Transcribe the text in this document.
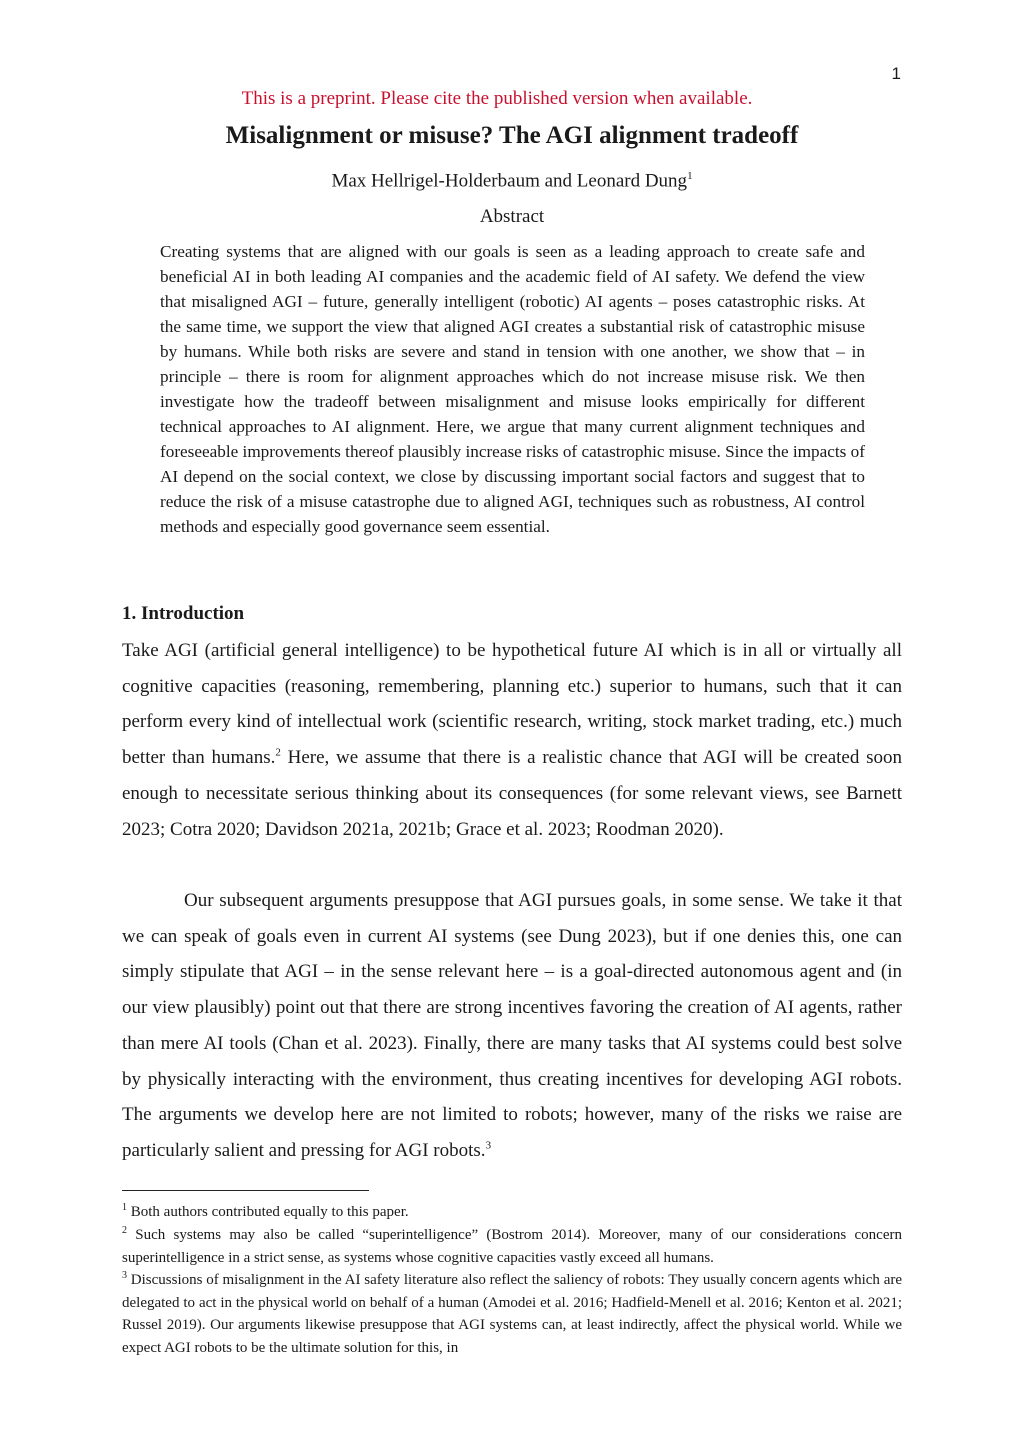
1
This is a preprint. Please cite the published version when available.
Misalignment or misuse? The AGI alignment tradeoff
Max Hellrigel-Holderbaum and Leonard Dung$^1$
Abstract
Creating systems that are aligned with our goals is seen as a leading approach to create safe and beneficial AI in both leading AI companies and the academic field of AI safety. We defend the view that misaligned AGI – future, generally intelligent (robotic) AI agents – poses catastrophic risks. At the same time, we support the view that aligned AGI creates a substantial risk of catastrophic misuse by humans. While both risks are severe and stand in tension with one another, we show that – in principle – there is room for alignment approaches which do not increase misuse risk. We then investigate how the tradeoff between misalignment and misuse looks empirically for different technical approaches to AI alignment. Here, we argue that many current alignment techniques and foreseeable improvements thereof plausibly increase risks of catastrophic misuse. Since the impacts of AI depend on the social context, we close by discussing important social factors and suggest that to reduce the risk of a misuse catastrophe due to aligned AGI, techniques such as robustness, AI control methods and especially good governance seem essential.
1. Introduction
Take AGI (artificial general intelligence) to be hypothetical future AI which is in all or virtually all cognitive capacities (reasoning, remembering, planning etc.) superior to humans, such that it can perform every kind of intellectual work (scientific research, writing, stock market trading, etc.) much better than humans.$^2$ Here, we assume that there is a realistic chance that AGI will be created soon enough to necessitate serious thinking about its consequences (for some relevant views, see Barnett 2023; Cotra 2020; Davidson 2021a, 2021b; Grace et al. 2023; Roodman 2020).
Our subsequent arguments presuppose that AGI pursues goals, in some sense. We take it that we can speak of goals even in current AI systems (see Dung 2023), but if one denies this, one can simply stipulate that AGI – in the sense relevant here – is a goal-directed autonomous agent and (in our view plausibly) point out that there are strong incentives favoring the creation of AI agents, rather than mere AI tools (Chan et al. 2023). Finally, there are many tasks that AI systems could best solve by physically interacting with the environment, thus creating incentives for developing AGI robots. The arguments we develop here are not limited to robots; however, many of the risks we raise are particularly salient and pressing for AGI robots.$^3$
$^1$ Both authors contributed equally to this paper.
$^2$ Such systems may also be called “superintelligence” (Bostrom 2014). Moreover, many of our considerations concern superintelligence in a strict sense, as systems whose cognitive capacities vastly exceed all humans.
$^3$ Discussions of misalignment in the AI safety literature also reflect the saliency of robots: They usually concern agents which are delegated to act in the physical world on behalf of a human (Amodei et al. 2016; Hadfield-Menell et al. 2016; Kenton et al. 2021; Russel 2019). Our arguments likewise presuppose that AGI systems can, at least indirectly, affect the physical world. While we expect AGI robots to be the ultimate solution for this, in
